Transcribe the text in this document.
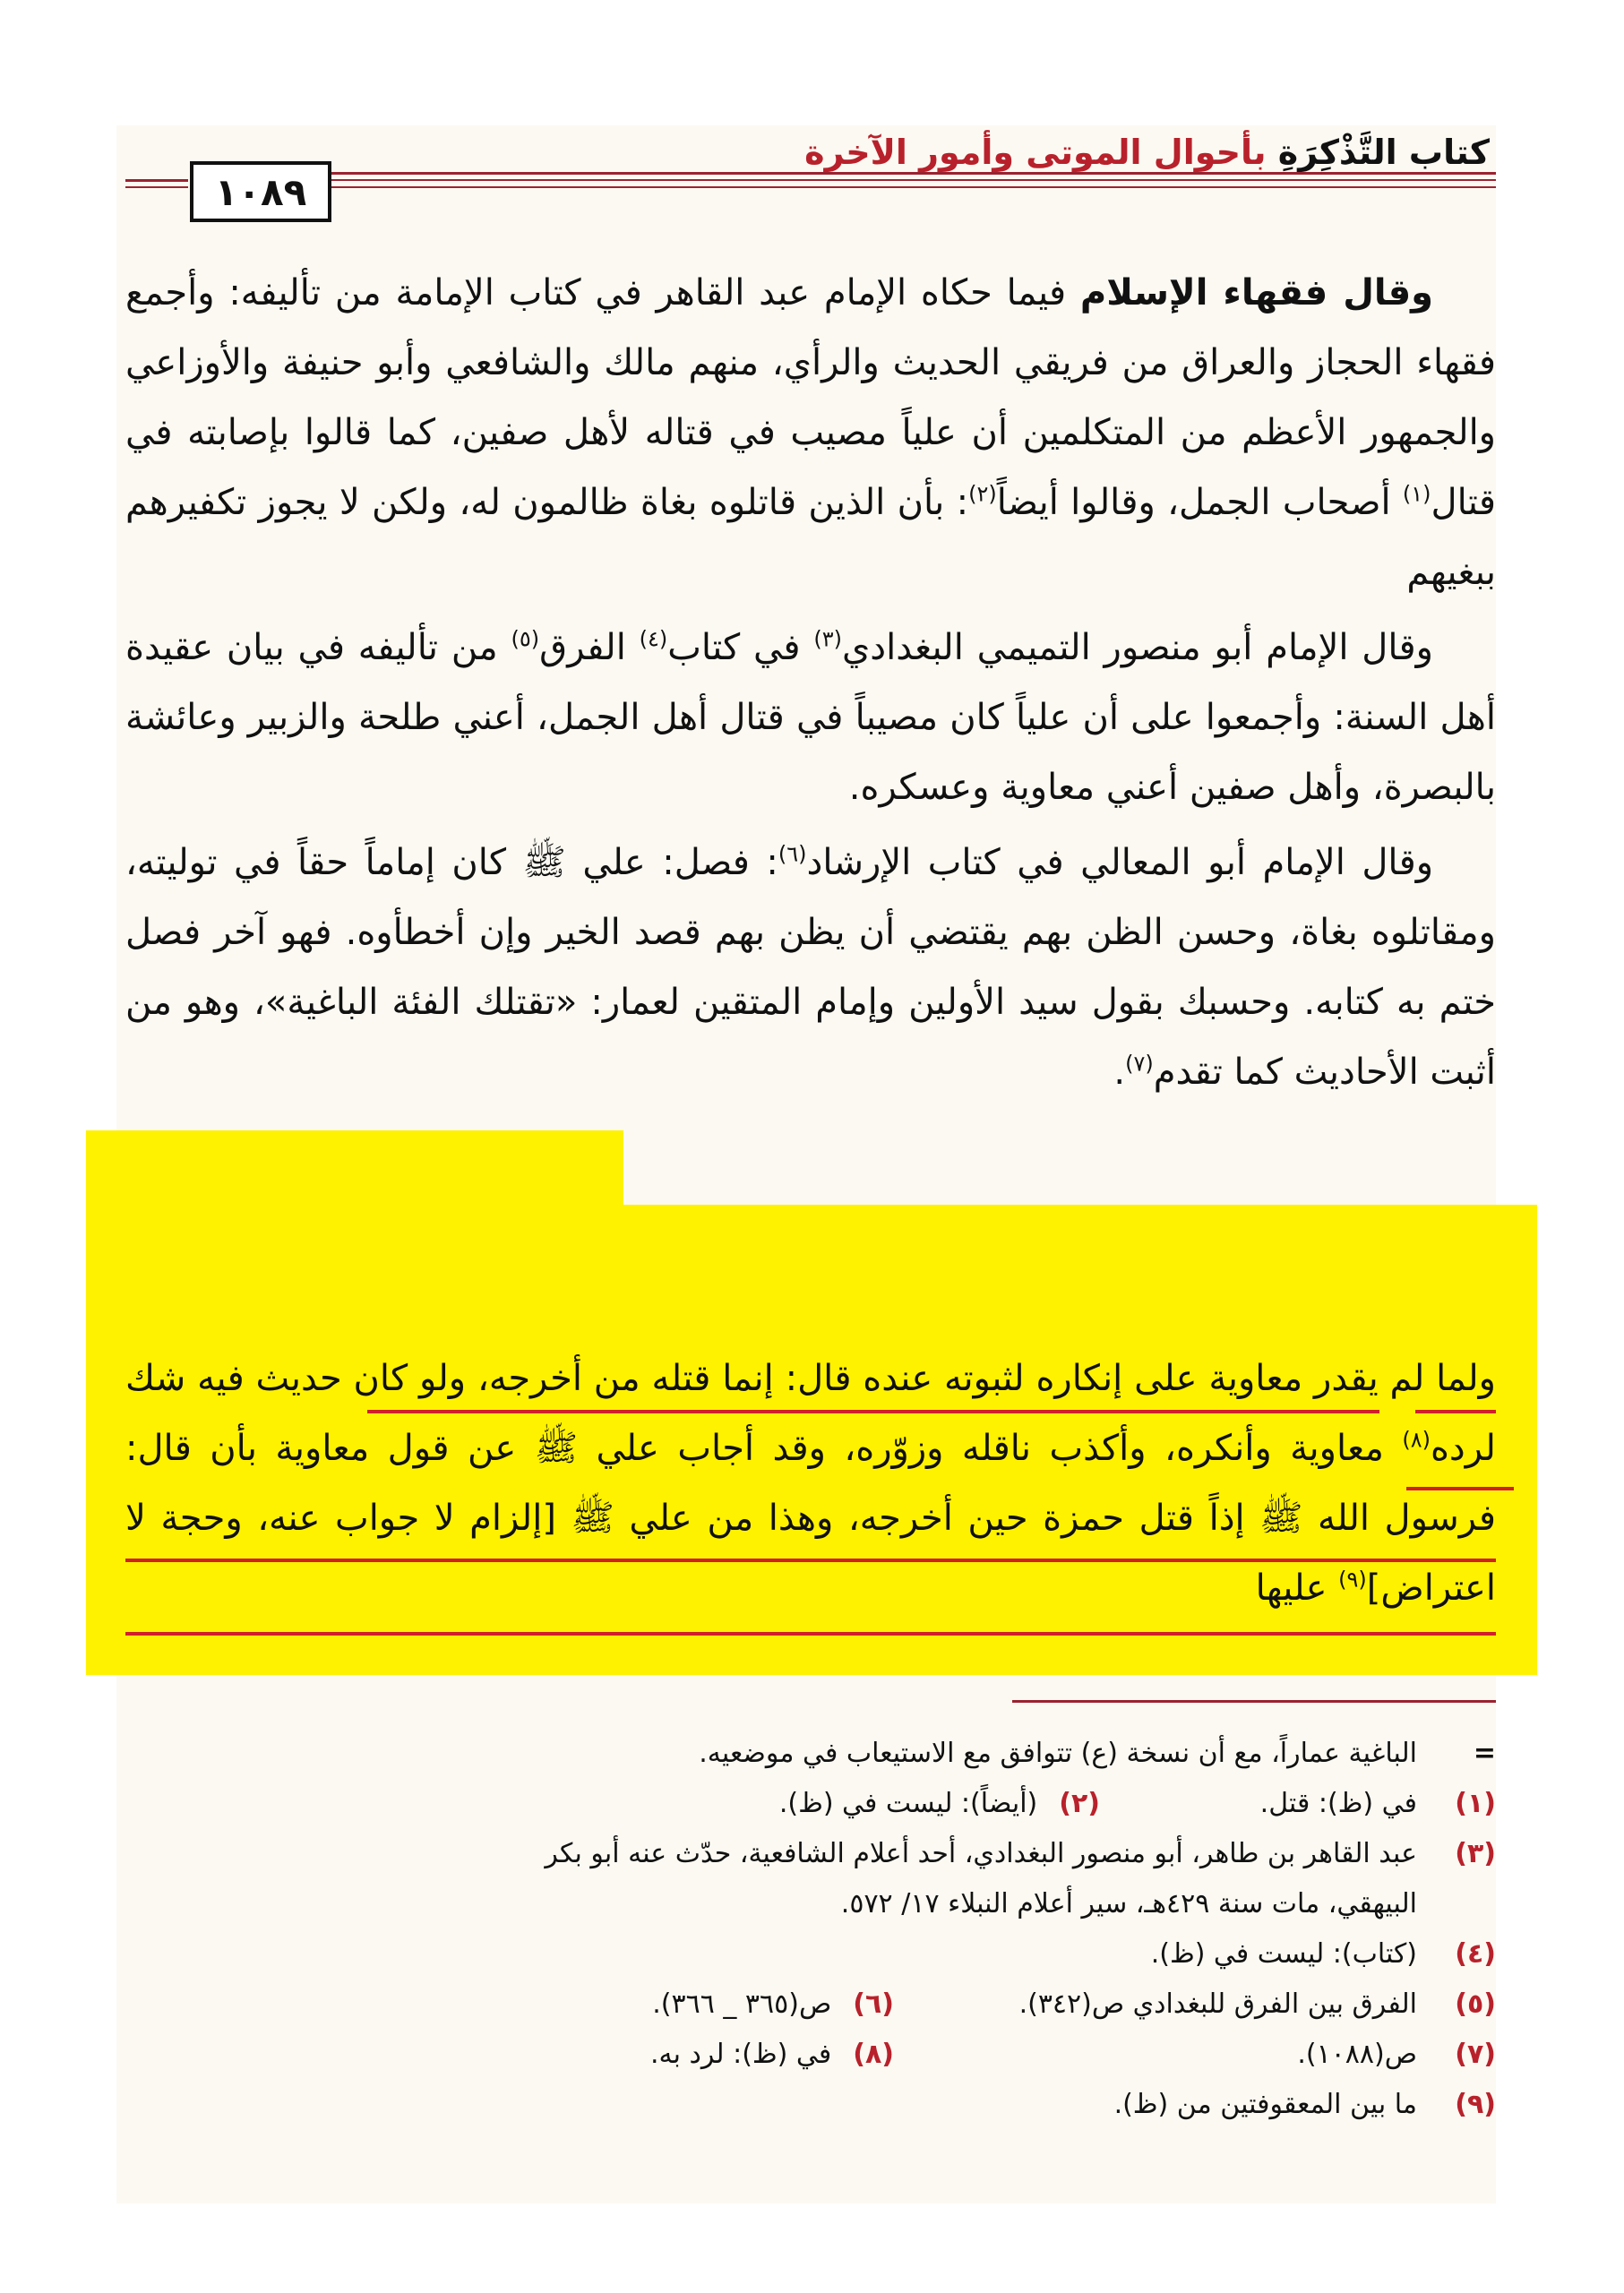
كتاب التَّذْكِرَةِ بأحوال الموتى وأمور الآخرة
١٠٨٩

وقال فقهاء الإسلام فيما حكاه الإمام عبد القاهر في كتاب الإمامة من تأليفه: وأجمع فقهاء الحجاز والعراق من فريقي الحديث والرأي، منهم مالك والشافعي وأبو حنيفة والأوزاعي والجمهور الأعظم من المتكلمين أن علياً مصيب في قتاله لأهل صفين، كما قالوا بإصابته في قتال$^{(١)}$ أصحاب الجمل، وقالوا أيضاً$^{(٢)}$: بأن الذين قاتلوه بغاة ظالمون له، ولكن لا يجوز تكفيرهم ببغيهم

وقال الإمام أبو منصور التميمي البغدادي$^{(٣)}$ في كتاب$^{(٤)}$ الفرق$^{(٥)}$ من تأليفه في بيان عقيدة أهل السنة: وأجمعوا على أن علياً كان مصيباً في قتال أهل الجمل، أعني طلحة والزبير وعائشة بالبصرة، وأهل صفين أعني معاوية وعسكره.

وقال الإمام أبو المعالي في كتاب الإرشاد$^{(٦)}$: فصل: علي ﷺ كان إماماً حقاً في توليته، ومقاتلوه بغاة، وحسن الظن بهم يقتضي أن يظن بهم قصد الخير وإن أخطأوه. فهو آخر فصل ختم به كتابه. وحسبك بقول سيد الأولين وإمام المتقين لعمار: «تقتلك الفئة الباغية»، وهو من أثبت الأحاديث كما تقدم$^{(٧)}$.

ولما لم يقدر معاوية على إنكاره لثبوته عنده قال: إنما قتله من أخرجه، ولو كان حديث فيه شك لرده$^{(٨)}$ معاوية وأنكره، وأكذب ناقله وزوّره، وقد أجاب علي ﷺ عن قول معاوية بأن قال: فرسول الله ﷺ إذاً قتل حمزة حين أخرجه، وهذا من علي ﷺ [إلزام لا جواب عنه، وحجة لا اعتراض]$^{(٩)}$ عليها

=
الباغية عماراً، مع أن نسخة (ع) تتوافق مع الاستيعاب في موضعيه.
(١)
في (ظ): قتل.
(٢)
(أيضاً): ليست في (ظ).
(٣)
عبد القاهر بن طاهر، أبو منصور البغدادي، أحد أعلام الشافعية، حدّث عنه أبو بكر
البيهقي، مات سنة ٤٢٩هـ، سير أعلام النبلاء ١٧/ ٥٧٢.
(٤)
(كتاب): ليست في (ظ).
(٥)
الفرق بين الفرق للبغدادي ص(٣٤٢).
(٦)
ص(٣٦٥ _ ٣٦٦).
(٧)
ص(١٠٨٨).
(٨)
في (ظ): لرد به.
(٩)
ما بين المعقوفتين من (ظ).
